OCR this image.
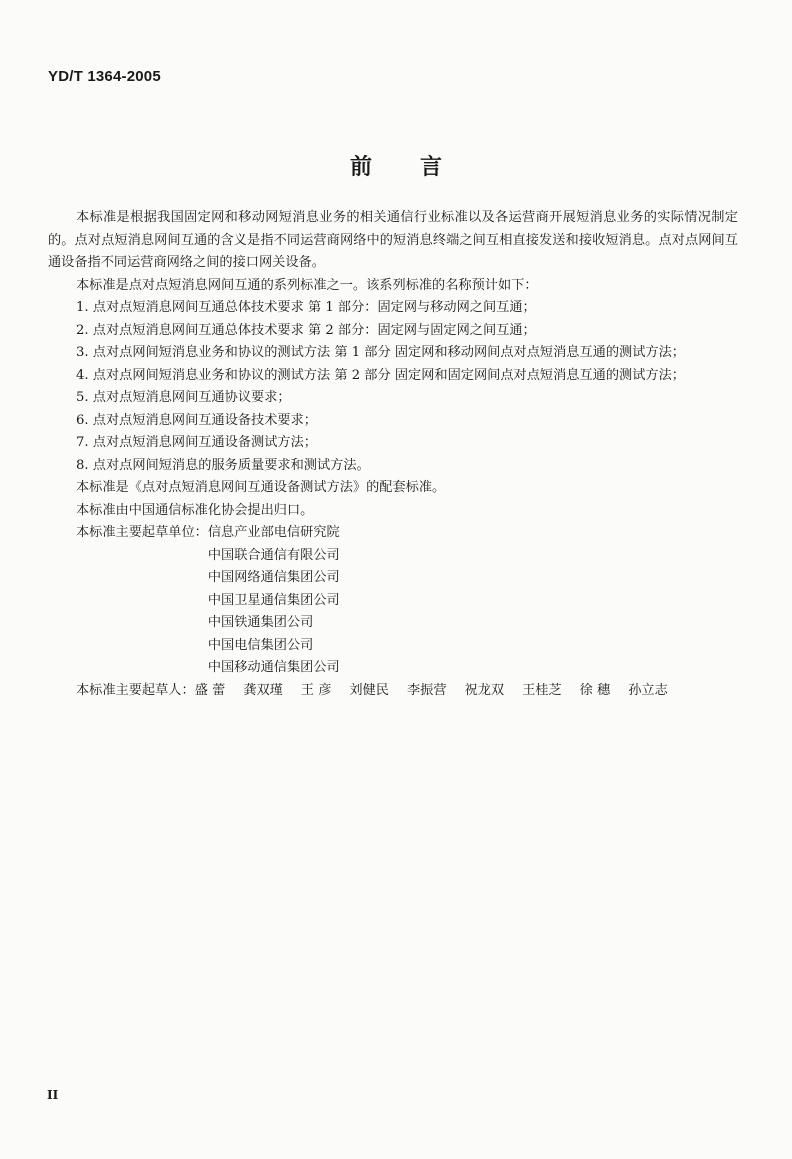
YD/T 1364-2005
前 言

本标准是根据我国固定网和移动网短消息业务的相关通信行业标准以及各运营商开展短消息业务的实际情况制定的。点对点短消息网间互通的含义是指不同运营商网络中的短消息终端之间互相直接发送和接收短消息。点对点网间互通设备指不同运营商网络之间的接口网关设备。

本标准是点对点短消息网间互通的系列标准之一。该系列标准的名称预计如下：

1. 点对点短消息网间互通总体技术要求 第 1 部分：固定网与移动网之间互通；

2. 点对点短消息网间互通总体技术要求 第 2 部分：固定网与固定网之间互通；

3. 点对点网间短消息业务和协议的测试方法 第 1 部分 固定网和移动网间点对点短消息互通的测试方法；

4. 点对点网间短消息业务和协议的测试方法 第 2 部分 固定网和固定网间点对点短消息互通的测试方法；

5. 点对点短消息网间互通协议要求；

6. 点对点短消息网间互通设备技术要求；

7. 点对点短消息网间互通设备测试方法；

8. 点对点网间短消息的服务质量要求和测试方法。

本标准是《点对点短消息网间互通设备测试方法》的配套标准。

本标准由中国通信标准化协会提出归口。

本标准主要起草单位： 信息产业部电信研究院
中国联合通信有限公司
中国网络通信集团公司
中国卫星通信集团公司
中国铁通集团公司
中国电信集团公司
中国移动通信集团公司

本标准主要起草人：盛 蕾 龚双瑾 王 彦 刘健民 李振营 祝龙双 王桂芝 徐 穗 孙立志

II
